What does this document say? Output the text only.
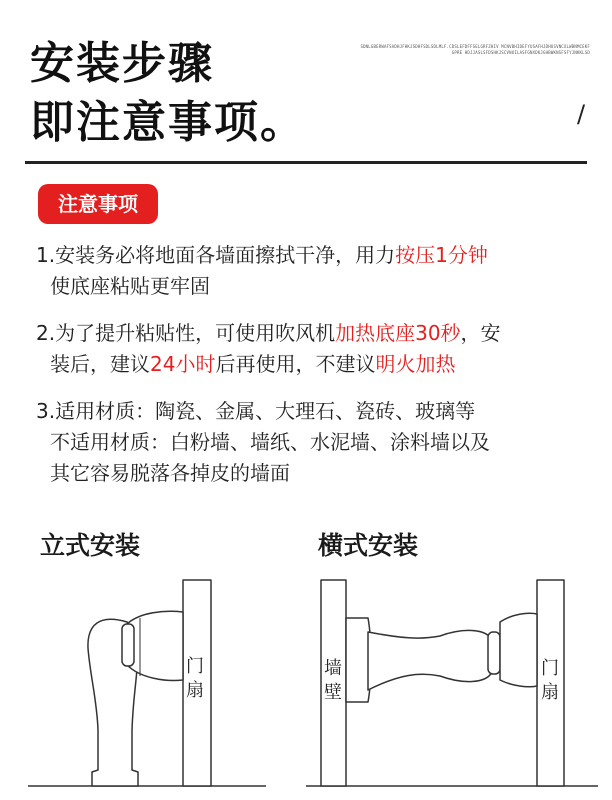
安装步骤
即注意事项。
SDNLGBERWAFSADHJFHKJSDHFSDLSDLMLF.CDSLEFDFFSELGRFZHIV MCNVBHIDEFYUSAFHJDHUSVNCXLWBNMCEKFGPRE HDJJASLSFDSHKJSCVNUILASFGNXDKJGHBWKNSFSFYJNKKLSD
/
注意事项

1.安装务必将地面各墙面擦拭干净，用力按压1分钟

使底座粘贴更牢固

2.为了提升粘贴性，可使用吹风机加热底座30秒，安

装后，建议24小时后再使用，不建议明火加热

3.适用材质：陶瓷、金属、大理石、瓷砖、玻璃等

不适用材质：白粉墙、墙纸、水泥墙、涂料墙以及

其它容易脱落各掉皮的墙面

立式安装	横式安装
门 扇 墙 壁 门 扇
